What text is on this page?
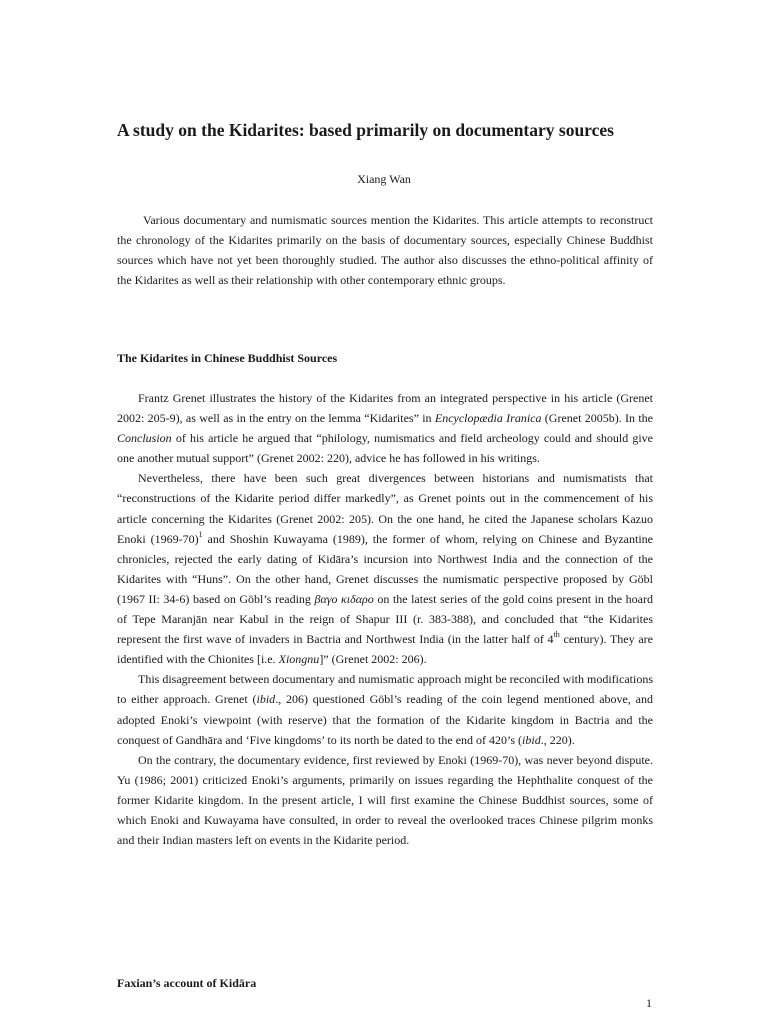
A study on the Kidarites: based primarily on documentary sources
Xiang Wan

Various documentary and numismatic sources mention the Kidarites. This article attempts to reconstruct the chronology of the Kidarites primarily on the basis of documentary sources, especially Chinese Buddhist sources which have not yet been thoroughly studied. The author also discusses the ethno-political affinity of the Kidarites as well as their relationship with other contemporary ethnic groups.

The Kidarites in Chinese Buddhist Sources

Frantz Grenet illustrates the history of the Kidarites from an integrated perspective in his article (Grenet 2002: 205-9), as well as in the entry on the lemma “Kidarites” in Encyclopædia Iranica (Grenet 2005b). In the Conclusion of his article he argued that “philology, numismatics and field archeology could and should give one another mutual support” (Grenet 2002: 220), advice he has followed in his writings.

Nevertheless, there have been such great divergences between historians and numismatists that “reconstructions of the Kidarite period differ markedly”, as Grenet points out in the commencement of his article concerning the Kidarites (Grenet 2002: 205). On the one hand, he cited the Japanese scholars Kazuo Enoki (1969-70)$^1$ and Shoshin Kuwayama (1989), the former of whom, relying on Chinese and Byzantine chronicles, rejected the early dating of Kidāra’s incursion into Northwest India and the connection of the Kidarites with “Huns”. On the other hand, Grenet discusses the numismatic perspective proposed by Göbl (1967 II: 34-6) based on Göbl’s reading βαγο κιδαρο on the latest series of the gold coins present in the hoard of Tepe Maranjān near Kabul in the reign of Shapur III (r. 383-388), and concluded that “the Kidarites represent the first wave of invaders in Bactria and Northwest India (in the latter half of 4th century). They are identified with the Chionites [i.e. Xiongnu]” (Grenet 2002: 206).

This disagreement between documentary and numismatic approach might be reconciled with modifications to either approach. Grenet (ibid., 206) questioned Göbl’s reading of the coin legend mentioned above, and adopted Enoki’s viewpoint (with reserve) that the formation of the Kidarite kingdom in Bactria and the conquest of Gandhāra and ‘Five kingdoms’ to its north be dated to the end of 420’s (ibid., 220).

On the contrary, the documentary evidence, first reviewed by Enoki (1969-70), was never beyond dispute. Yu (1986; 2001) criticized Enoki’s arguments, primarily on issues regarding the Hephthalite conquest of the former Kidarite kingdom. In the present article, I will first examine the Chinese Buddhist sources, some of which Enoki and Kuwayama have consulted, in order to reveal the overlooked traces Chinese pilgrim monks and their Indian masters left on events in the Kidarite period.

Faxian’s account of Kidāra
1
